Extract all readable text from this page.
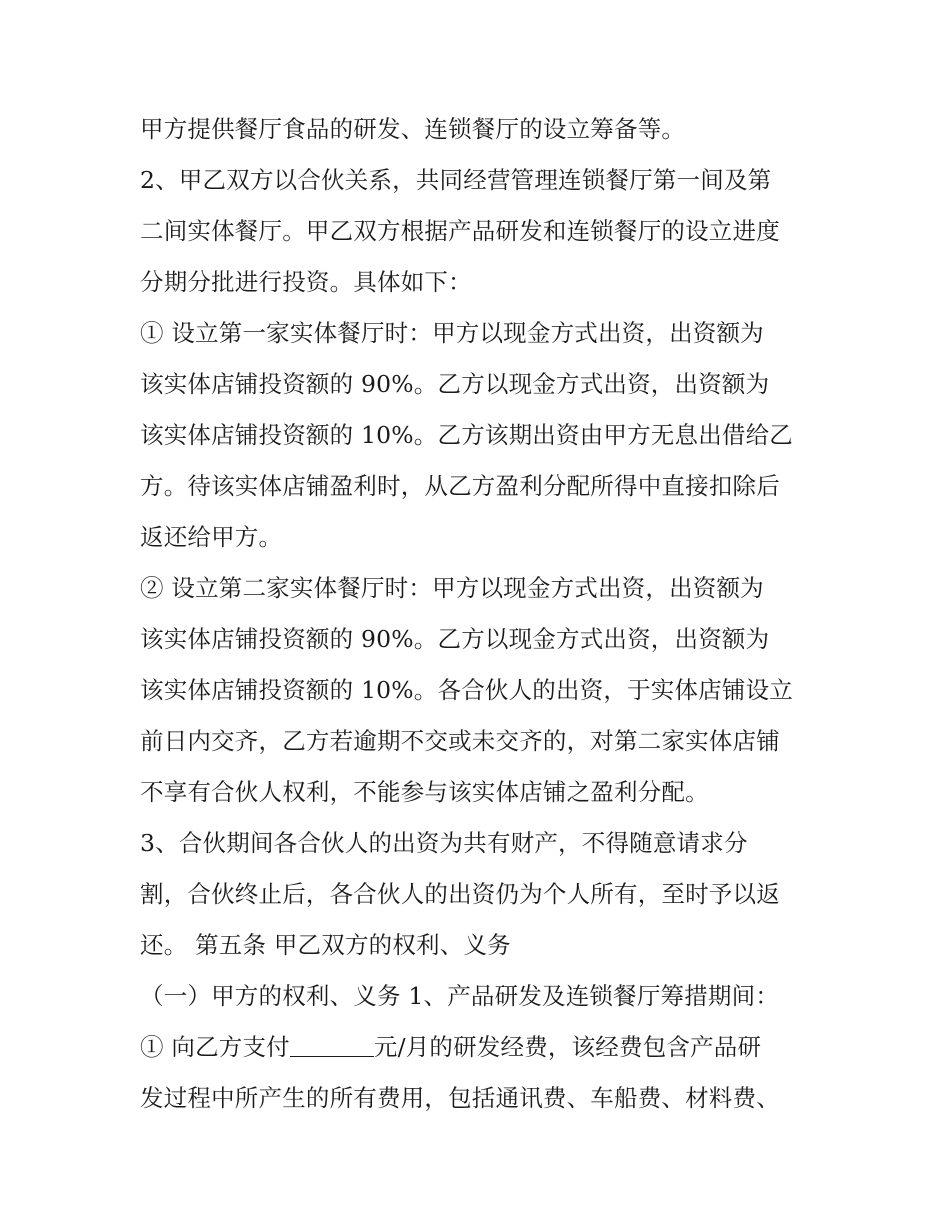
甲方提供餐厅食品的研发、连锁餐厅的设立筹备等。
2、甲乙双方以合伙关系，共同经营管理连锁餐厅第一间及第
二间实体餐厅。甲乙双方根据产品研发和连锁餐厅的设立进度
分期分批进行投资。具体如下：
① 设立第一家实体餐厅时：甲方以现金方式出资，出资额为
该实体店铺投资额的 90%。乙方以现金方式出资，出资额为
该实体店铺投资额的 10%。乙方该期出资由甲方无息出借给乙
方。待该实体店铺盈利时，从乙方盈利分配所得中直接扣除后
返还给甲方。
② 设立第二家实体餐厅时：甲方以现金方式出资，出资额为
该实体店铺投资额的 90%。乙方以现金方式出资，出资额为
该实体店铺投资额的 10%。各合伙人的出资，于实体店铺设立
前日内交齐，乙方若逾期不交或未交齐的，对第二家实体店铺
不享有合伙人权利，不能参与该实体店铺之盈利分配。
3、合伙期间各合伙人的出资为共有财产，不得随意请求分
割，合伙终止后，各合伙人的出资仍为个人所有，至时予以返
还。 第五条 甲乙双方的权利、义务
（一）甲方的权利、义务 1、产品研发及连锁餐厅筹措期间：
① 向乙方支付	元/月的研发经费，该经费包含产品研
发过程中所产生的所有费用，包括通讯费、车船费、材料费、
